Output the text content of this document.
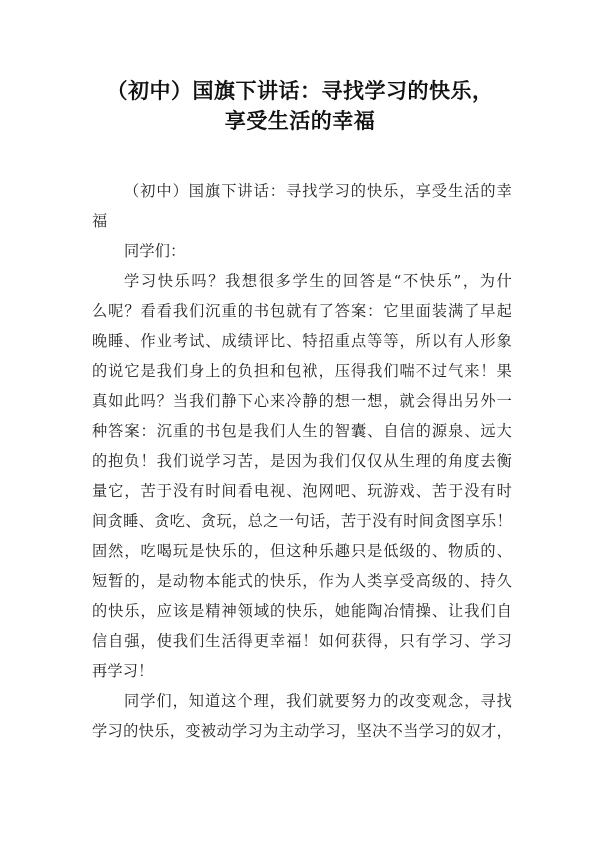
（初中）国旗下讲话：寻找学习的快乐，
享受生活的幸福
（初中）国旗下讲话：寻找学习的快乐，享受生活的幸
福
同学们：
学习快乐吗？我想很多学生的回答是“不快乐”，为什
么呢？看看我们沉重的书包就有了答案：它里面装满了早起
晚睡、作业考试、成绩评比、特招重点等等，所以有人形象
的说它是我们身上的负担和包袱，压得我们喘不过气来！果
真如此吗？当我们静下心来冷静的想一想，就会得出另外一
种答案：沉重的书包是我们人生的智囊、自信的源泉、远大
的抱负！我们说学习苦，是因为我们仅仅从生理的角度去衡
量它，苦于没有时间看电视、泡网吧、玩游戏、苦于没有时
间贪睡、贪吃、贪玩，总之一句话，苦于没有时间贪图享乐！
固然，吃喝玩是快乐的，但这种乐趣只是低级的、物质的、
短暂的，是动物本能式的快乐，作为人类享受高级的、持久
的快乐，应该是精神领域的快乐，她能陶冶情操、让我们自
信自强，使我们生活得更幸福！如何获得，只有学习、学习
再学习！
同学们，知道这个理，我们就要努力的改变观念，寻找
学习的快乐，变被动学习为主动学习，坚决不当学习的奴才，
